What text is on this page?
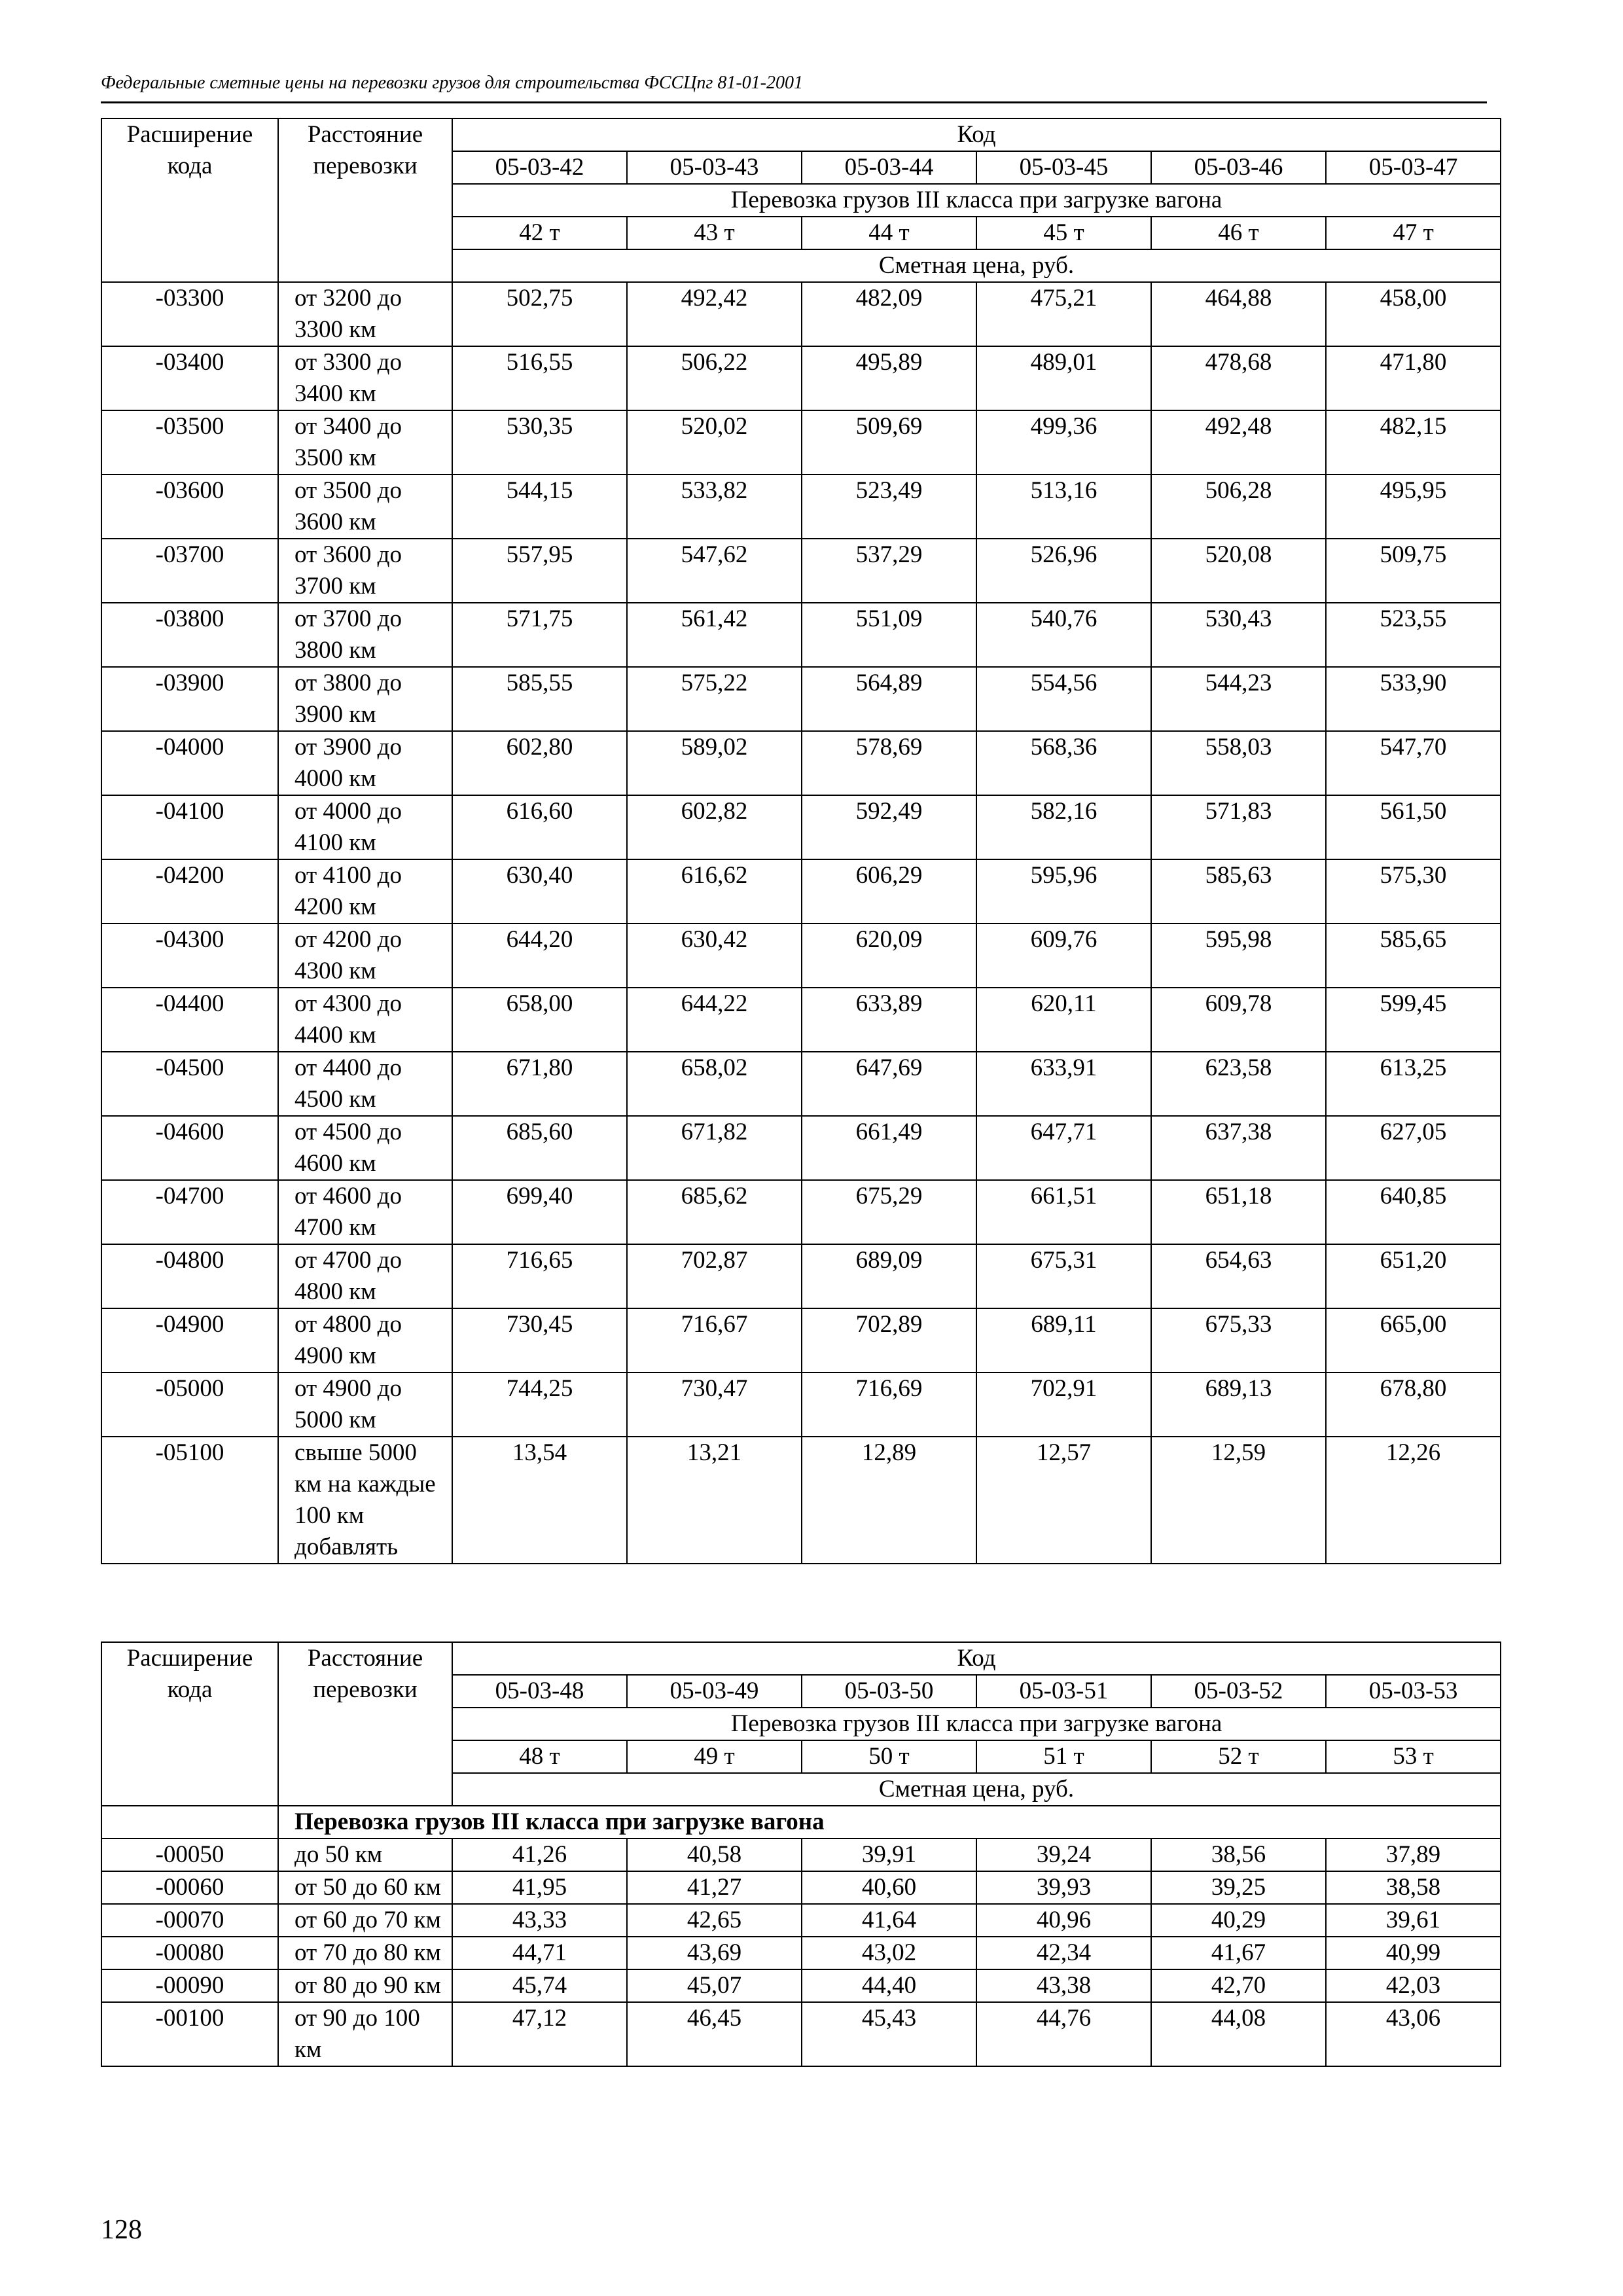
Федеральные сметные цены на перевозки грузов для строительства ФССЦпг 81-01-2001
Расширение кода	Расстояние перевозки	Код					
		05-03-42	05-03-43	05-03-44	05-03-45	05-03-46	05-03-47
		Перевозка грузов III класса при загрузке вагона					
		42 т	43 т	44 т	45 т	46 т	47 т
		Сметная цена, руб.					
-03300	от 3200 до 3300 км	502,75	492,42	482,09	475,21	464,88	458,00
-03400	от 3300 до 3400 км	516,55	506,22	495,89	489,01	478,68	471,80
-03500	от 3400 до 3500 км	530,35	520,02	509,69	499,36	492,48	482,15
-03600	от 3500 до 3600 км	544,15	533,82	523,49	513,16	506,28	495,95
-03700	от 3600 до 3700 км	557,95	547,62	537,29	526,96	520,08	509,75
-03800	от 3700 до 3800 км	571,75	561,42	551,09	540,76	530,43	523,55
-03900	от 3800 до 3900 км	585,55	575,22	564,89	554,56	544,23	533,90
-04000	от 3900 до 4000 км	602,80	589,02	578,69	568,36	558,03	547,70
-04100	от 4000 до 4100 км	616,60	602,82	592,49	582,16	571,83	561,50
-04200	от 4100 до 4200 км	630,40	616,62	606,29	595,96	585,63	575,30
-04300	от 4200 до 4300 км	644,20	630,42	620,09	609,76	595,98	585,65
-04400	от 4300 до 4400 км	658,00	644,22	633,89	620,11	609,78	599,45
-04500	от 4400 до 4500 км	671,80	658,02	647,69	633,91	623,58	613,25
-04600	от 4500 до 4600 км	685,60	671,82	661,49	647,71	637,38	627,05
-04700	от 4600 до 4700 км	699,40	685,62	675,29	661,51	651,18	640,85
-04800	от 4700 до 4800 км	716,65	702,87	689,09	675,31	654,63	651,20
-04900	от 4800 до 4900 км	730,45	716,67	702,89	689,11	675,33	665,00
-05000	от 4900 до 5000 км	744,25	730,47	716,69	702,91	689,13	678,80
-05100	свыше 5000 км на каждые 100 км добавлять	13,54	13,21	12,89	12,57	12,59	12,26
Расширение кода	Расстояние перевозки	Код					
		05-03-48	05-03-49	05-03-50	05-03-51	05-03-52	05-03-53
		Перевозка грузов III класса при загрузке вагона					
		48 т	49 т	50 т	51 т	52 т	53 т
		Сметная цена, руб.					
	Перевозка грузов III класса при загрузке вагона						
-00050	до 50 км	41,26	40,58	39,91	39,24	38,56	37,89
-00060	от 50 до 60 км	41,95	41,27	40,60	39,93	39,25	38,58
-00070	от 60 до 70 км	43,33	42,65	41,64	40,96	40,29	39,61
-00080	от 70 до 80 км	44,71	43,69	43,02	42,34	41,67	40,99
-00090	от 80 до 90 км	45,74	45,07	44,40	43,38	42,70	42,03
-00100	от 90 до 100 км	47,12	46,45	45,43	44,76	44,08	43,06
128
